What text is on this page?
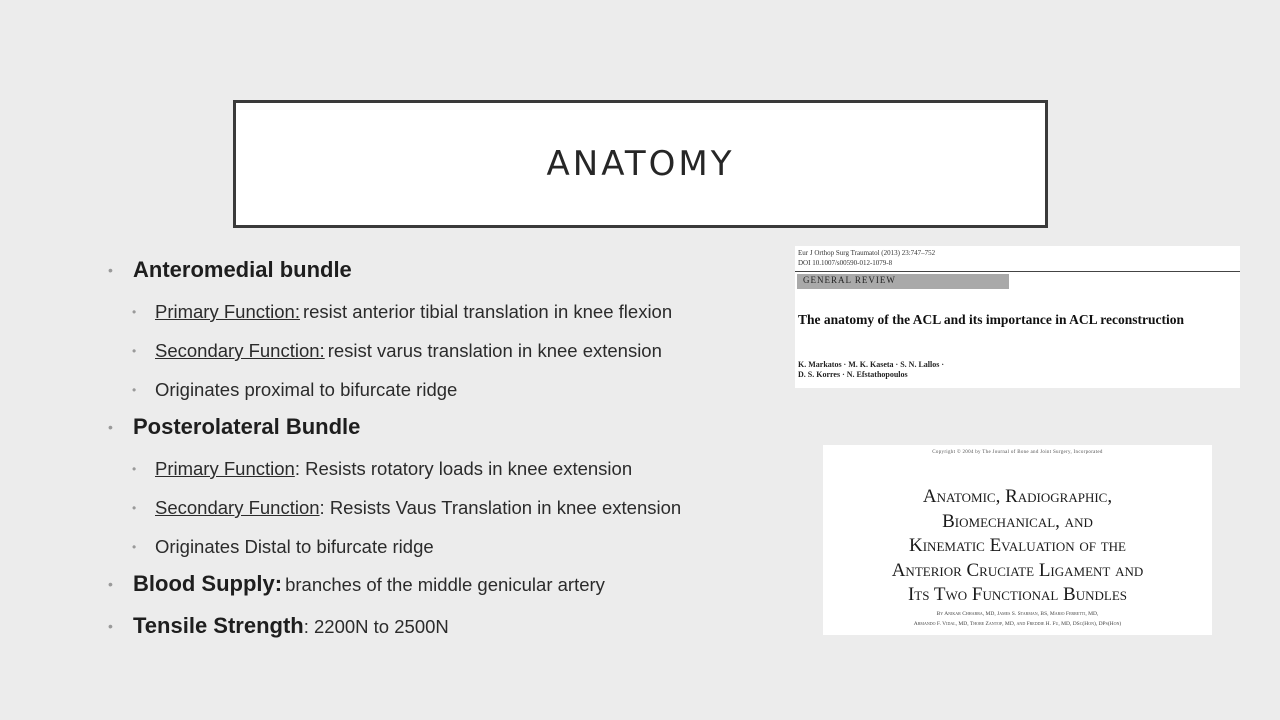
ANATOMY
• Anteromedial bundle
•	Primary Function: resist anterior tibial translation in knee flexion
•	Secondary Function: resist varus translation in knee extension
•	Originates proximal to bifurcate ridge
• Posterolateral Bundle
•	Primary Function : Resists rotatory loads in knee extension
•	Secondary Function : Resists Vaus Translation in knee extension
•	Originates Distal to bifurcate ridge
• Blood Supply: branches of the middle genicular artery
• Tensile Strength : 2200N to 2500N
Eur J Orthop Surg Traumatol (2013) 23:747–752
DOI 10.1007/s00590-012-1079-8
GENERAL REVIEW
The anatomy of the ACL and its importance in ACL reconstruction
K. Markatos · M. K. Kaseta · S. N. Lallos ·
D. S. Korres · N. Efstathopoulos
Copyright © 2004 by The Journal of Bone and Joint Surgery, Incorporated
Anatomic, Radiographic,
Biomechanical, and
Kinematic Evaluation of the
Anterior Cruciate Ligament and
Its Two Functional Bundles
By Anikar Chhabra, MD, James S. Starman, BS, Mario Ferretti, MD,
Armando F. Vidal, MD, Thore Zantop, MD, and Freddie H. Fu, MD, DSc(Hon), DPs(Hon)
